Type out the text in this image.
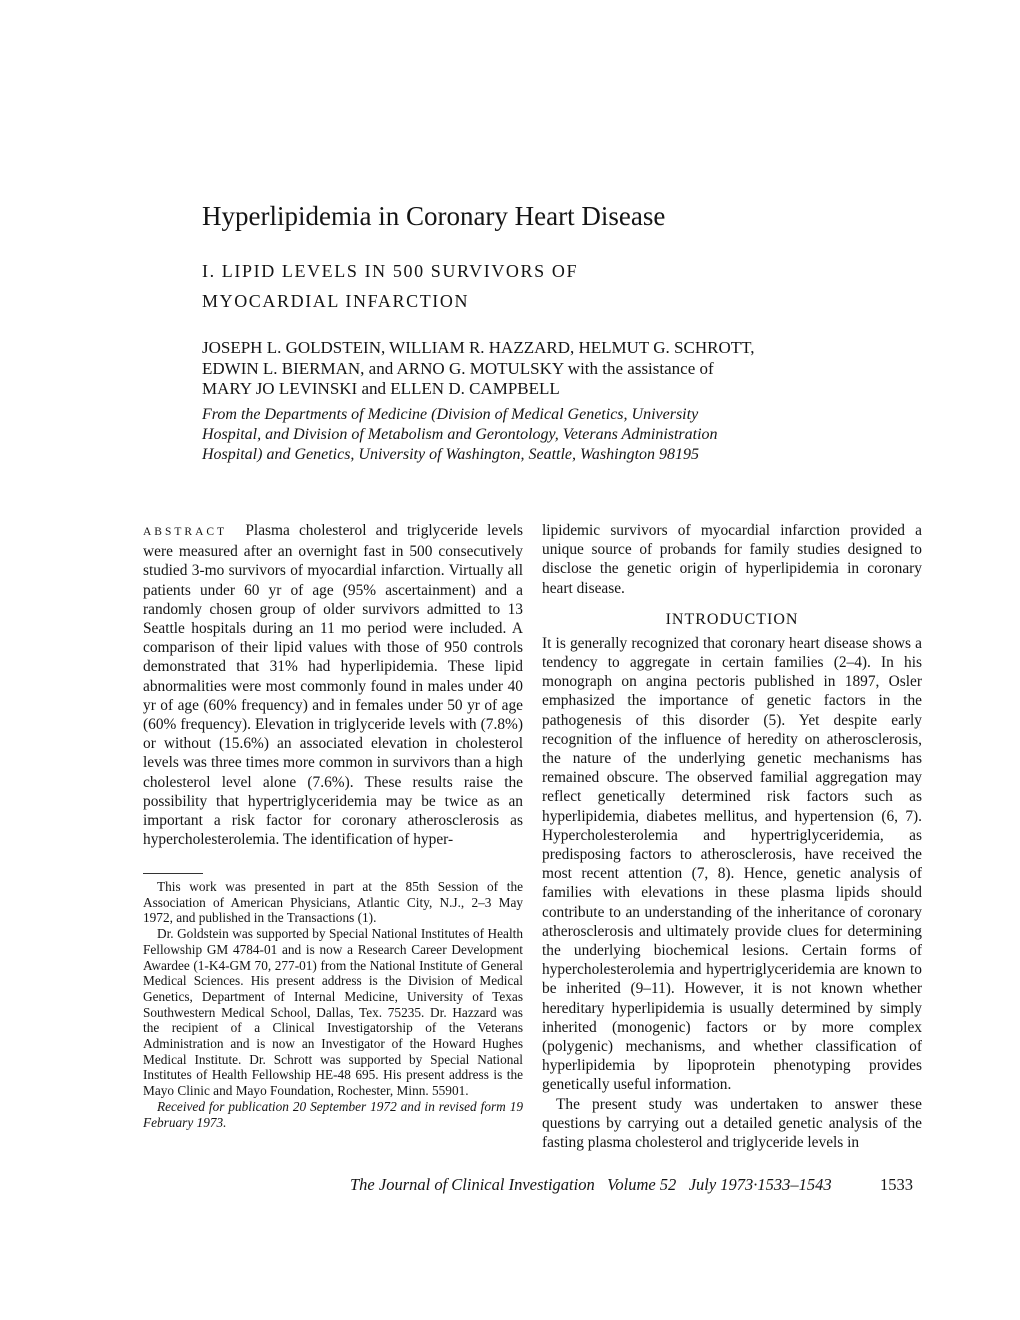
Hyperlipidemia in Coronary Heart Disease
I. LIPID LEVELS IN 500 SURVIVORS OF
MYOCARDIAL INFARCTION
JOSEPH L. GOLDSTEIN, WILLIAM R. HAZZARD, HELMUT G. SCHROTT,
EDWIN L. BIERMAN, and ARNO G. MOTULSKY with the assistance of
MARY JO LEVINSKI and ELLEN D. CAMPBELL
From the Departments of Medicine (Division of Medical Genetics, University
Hospital, and Division of Metabolism and Gerontology, Veterans Administration
Hospital) and Genetics, University of Washington, Seattle, Washington 98195

ABSTRACT Plasma cholesterol and triglyceride levels were measured after an overnight fast in 500 consecutively studied 3-mo survivors of myocardial infarction. Virtually all patients under 60 yr of age (95% ascertainment) and a randomly chosen group of older survivors admitted to 13 Seattle hospitals during an 11 mo period were included. A comparison of their lipid values with those of 950 controls demonstrated that 31% had hyperlipidemia. These lipid abnormalities were most commonly found in males under 40 yr of age (60% frequency) and in females under 50 yr of age (60% frequency). Elevation in triglyceride levels with (7.8%) or without (15.6%) an associated elevation in cholesterol levels was three times more common in survivors than a high cholesterol level alone (7.6%). These results raise the possibility that hypertriglyceridemia may be twice as an important a risk factor for coronary atherosclerosis as hypercholesterolemia. The identification of hyper-

This work was presented in part at the 85th Session of the Association of American Physicians, Atlantic City, N.J., 2–3 May 1972, and published in the Transactions (1).

Dr. Goldstein was supported by Special National Institutes of Health Fellowship GM 4784-01 and is now a Research Career Development Awardee (1-K4-GM 70, 277-01) from the National Institute of General Medical Sciences. His present address is the Division of Medical Genetics, Department of Internal Medicine, University of Texas Southwestern Medical School, Dallas, Tex. 75235. Dr. Hazzard was the recipient of a Clinical Investigatorship of the Veterans Administration and is now an Investigator of the Howard Hughes Medical Institute. Dr. Schrott was supported by Special National Institutes of Health Fellowship HE-48 695. His present address is the Mayo Clinic and Mayo Foundation, Rochester, Minn. 55901.

Received for publication 20 September 1972 and in revised form 19 February 1973.

lipidemic survivors of myocardial infarction provided a unique source of probands for family studies designed to disclose the genetic origin of hyperlipidemia in coronary heart disease.

INTRODUCTION

It is generally recognized that coronary heart disease shows a tendency to aggregate in certain families (2–4). In his monograph on angina pectoris published in 1897, Osler emphasized the importance of genetic factors in the pathogenesis of this disorder (5). Yet despite early recognition of the influence of heredity on atherosclerosis, the nature of the underlying genetic mechanisms has remained obscure. The observed familial aggregation may reflect genetically determined risk factors such as hyperlipidemia, diabetes mellitus, and hypertension (6, 7). Hypercholesterolemia and hypertriglyceridemia, as predisposing factors to atherosclerosis, have received the most recent attention (7, 8). Hence, genetic analysis of families with elevations in these plasma lipids should contribute to an understanding of the inheritance of coronary atherosclerosis and ultimately provide clues for determining the underlying biochemical lesions. Certain forms of hypercholesterolemia and hypertriglyceridemia are known to be inherited (9–11). However, it is not known whether hereditary hyperlipidemia is usually determined by simply inherited (monogenic) factors or by more complex (polygenic) mechanisms, and whether classification of hyperlipidemia by lipoprotein phenotyping provides genetically useful information.

The present study was undertaken to answer these questions by carrying out a detailed genetic analysis of the fasting plasma cholesterol and triglyceride levels in

The Journal of Clinical Investigation Volume 52 July 1973·1533–1543	1533
